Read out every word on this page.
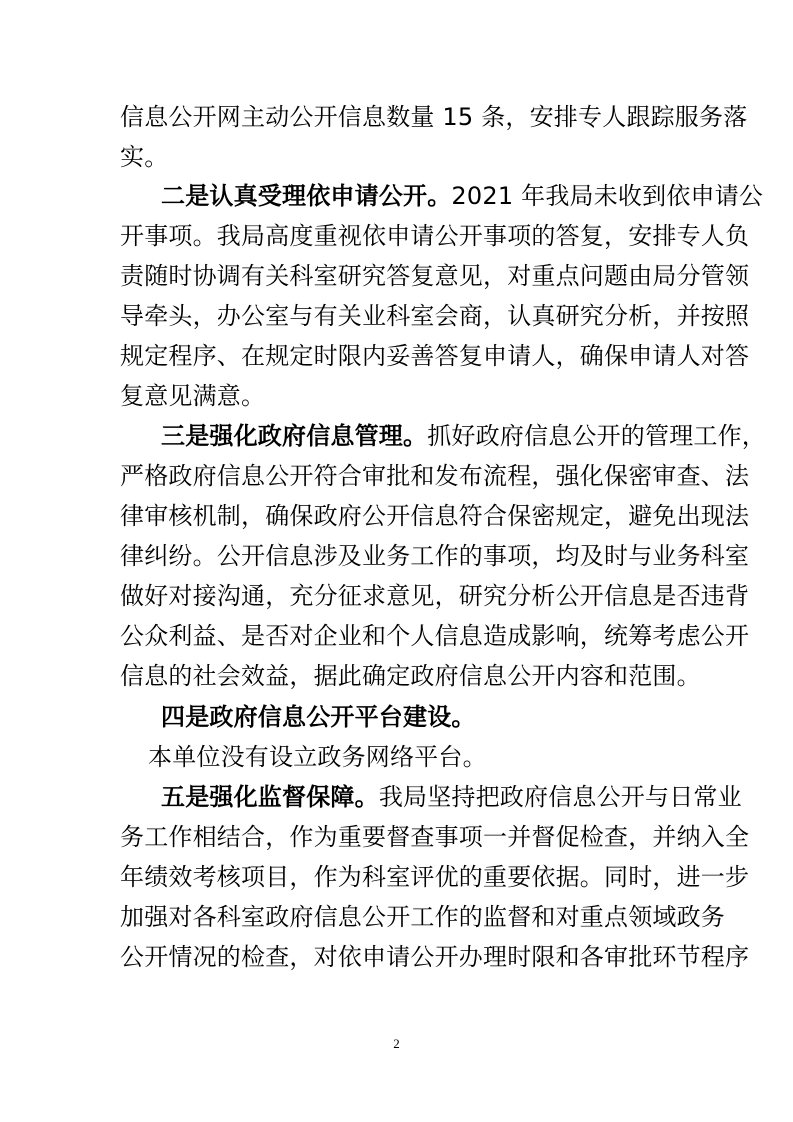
信息公开网主动公开信息数量 15 条，安排专人跟踪服务落
实。
二是认真受理依申请公开。2021 年我局未收到依申请公
开事项。我局高度重视依申请公开事项的答复，安排专人负
责随时协调有关科室研究答复意见，对重点问题由局分管领
导牵头，办公室与有关业科室会商，认真研究分析，并按照
规定程序、在规定时限内妥善答复申请人，确保申请人对答
复意见满意。
三是强化政府信息管理。抓好政府信息公开的管理工作，
严格政府信息公开符合审批和发布流程，强化保密审查、法
律审核机制，确保政府公开信息符合保密规定，避免出现法
律纠纷。公开信息涉及业务工作的事项，均及时与业务科室
做好对接沟通，充分征求意见，研究分析公开信息是否违背
公众利益、是否对企业和个人信息造成影响，统筹考虑公开
信息的社会效益，据此确定政府信息公开内容和范围。
四是政府信息公开平台建设。
本单位没有设立政务网络平台。
五是强化监督保障。我局坚持把政府信息公开与日常业
务工作相结合，作为重要督查事项一并督促检查，并纳入全
年绩效考核项目，作为科室评优的重要依据。同时，进一步
加强对各科室政府信息公开工作的监督和对重点领域政务
公开情况的检查，对依申请公开办理时限和各审批环节程序
2
